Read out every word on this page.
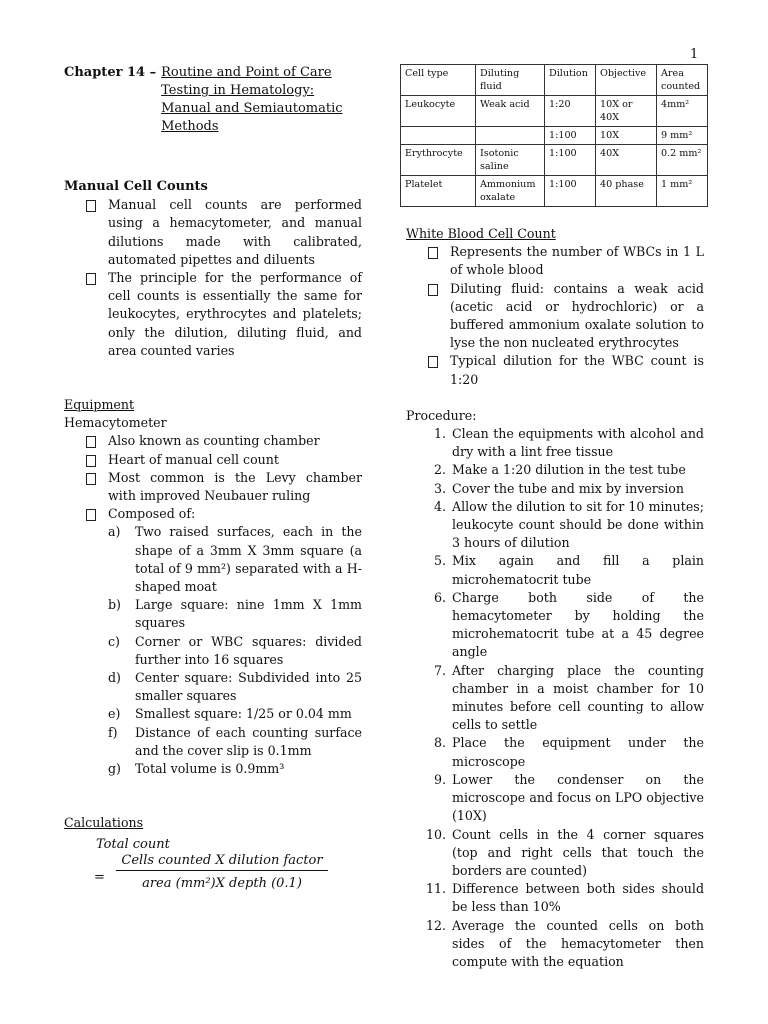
1
Chapter 14 – Routine and Point of Care Testing in Hematology: Manual and Semiautomatic Methods
Manual Cell Counts
Manual cell counts are performed using a hemacytometer, and manual dilutions made with calibrated, automated pipettes and diluents
The principle for the performance of cell counts is essentially the same for leukocytes, erythrocytes and platelets; only the dilution, diluting fluid, and area counted varies
Equipment
Hemacytometer
Also known as counting chamber
Heart of manual cell count
Most common is the Levy chamber with improved Neubauer ruling
Composed of:
a) Two raised surfaces, each in the shape of a 3mm X 3mm square (a total of 9 mm²) separated with a H-shaped moat
b) Large square: nine 1mm X 1mm squares
c) Corner or WBC squares: divided further into 16 squares
d) Center square: Subdivided into 25 smaller squares
e) Smallest square: 1/25 or 0.04 mm
f) Distance of each counting surface and the cover slip is 0.1mm
g) Total volume is 0.9mm³
Calculations
Total count
=
Cells counted X dilution factor
area (mm²)X depth (0.1)
Cell type	Diluting fluid	Dilution	Objective	Area counted
Leukocyte	Weak acid	1:20	10X or 40X	4mm²
		1:100	10X	9 mm²
Erythrocyte	Isotonic saline	1:100	40X	0.2 mm²
Platelet	Ammonium oxalate	1:100	40 phase	1 mm²
White Blood Cell Count
Represents the number of WBCs in 1 L of whole blood
Diluting fluid: contains a weak acid (acetic acid or hydrochloric) or a buffered ammonium oxalate solution to lyse the non nucleated erythrocytes
Typical dilution for the WBC count is 1:20
Procedure:
1. Clean the equipments with alcohol and dry with a lint free tissue
2. Make a 1:20 dilution in the test tube
3. Cover the tube and mix by inversion
4. Allow the dilution to sit for 10 minutes; leukocyte count should be done within 3 hours of dilution
5. Mix again and fill a plain microhematocrit tube
6. Charge both side of the hemacytometer by holding the microhematocrit tube at a 45 degree angle
7. After charging place the counting chamber in a moist chamber for 10 minutes before cell counting to allow cells to settle
8. Place the equipment under the microscope
9. Lower the condenser on the microscope and focus on LPO objective (10X)
10. Count cells in the 4 corner squares (top and right cells that touch the borders are counted)
11. Difference between both sides should be less than 10%
12. Average the counted cells on both sides of the hemacytometer then compute with the equation
